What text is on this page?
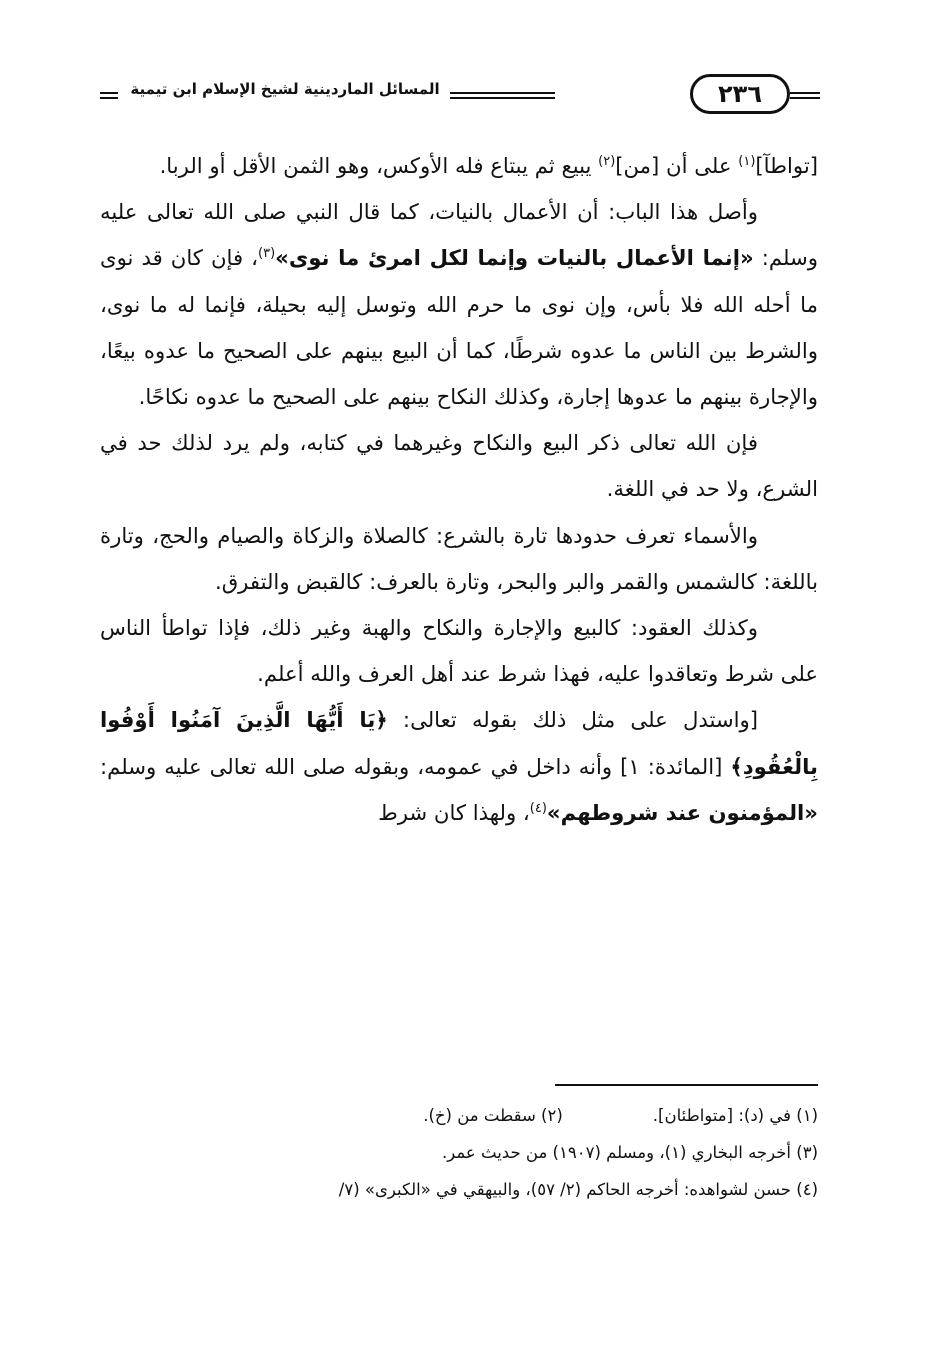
المسائل الماردينية لشيخ الإسلام ابن تيمية	٢٣٦

[تواطآ]$^{(١)}$ على أن [من]$^{(٢)}$ يبيع ثم يبتاع فله الأوكس، وهو الثمن الأقل أو الربا.

وأصل هذا الباب: أن الأعمال بالنيات، كما قال النبي صلى الله تعالى عليه وسلم: «إنما الأعمال بالنيات وإنما لكل امرئ ما نوى»$^{(٣)}$، فإن كان قد نوى ما أحله الله فلا بأس، وإن نوى ما حرم الله وتوسل إليه بحيلة، فإنما له ما نوى، والشرط بين الناس ما عدوه شرطًا، كما أن البيع بينهم على الصحيح ما عدوه بيعًا، والإجارة بينهم ما عدوها إجارة، وكذلك النكاح بينهم على الصحيح ما عدوه نكاحًا.

فإن الله تعالى ذكر البيع والنكاح وغيرهما في كتابه، ولم يرد لذلك حد في الشرع، ولا حد في اللغة.

والأسماء تعرف حدودها تارة بالشرع: كالصلاة والزكاة والصيام والحج، وتارة باللغة: كالشمس والقمر والبر والبحر، وتارة بالعرف: كالقبض والتفرق.

وكذلك العقود: كالبيع والإجارة والنكاح والهبة وغير ذلك، فإذا تواطأ الناس على شرط وتعاقدوا عليه، فهذا شرط عند أهل العرف والله أعلم.

[واستدل على مثل ذلك بقوله تعالى: ﴿يَا أَيُّهَا الَّذِينَ آمَنُوا أَوْفُوا بِالْعُقُودِ﴾ [المائدة: ١] وأنه داخل في عمومه، وبقوله صلى الله تعالى عليه وسلم: «المؤمنون عند شروطهم»$^{(٤)}$، ولهذا كان شرط

(١) في (د): [متواطئان].(٢) سقطت من (خ).
(٣) أخرجه البخاري (١)، ومسلم (١٩٠٧) من حديث عمر.
(٤) حسن لشواهده: أخرجه الحاكم (٢/ ٥٧)، والبيهقي في «الكبرى» (٧/
